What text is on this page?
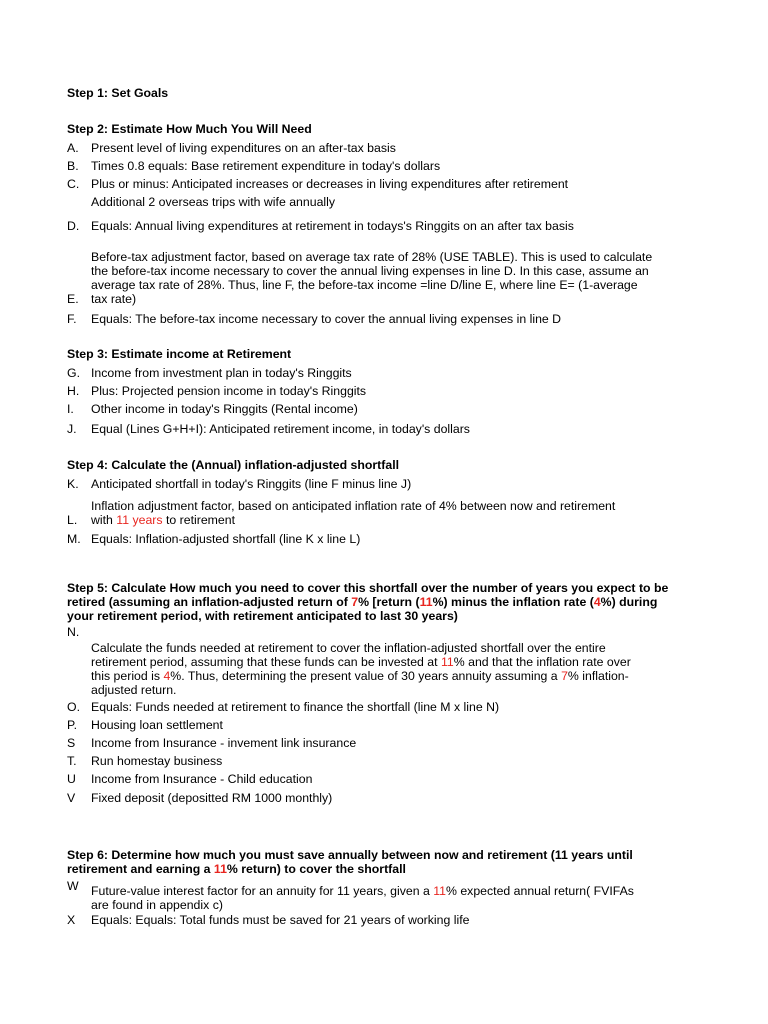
Step 1: Set Goals
Step 2: Estimate How Much You Will Need
A. Present level of living expenditures on an after-tax basis
B. Times 0.8 equals: Base retirement expenditure in today's dollars
C. Plus or minus: Anticipated increases or decreases in living expenditures after retirement
Additional 2 overseas trips with wife annually
D. Equals: Annual living expenditures at retirement in todays's Ringgits on an after tax basis
Before-tax adjustment factor, based on average tax rate of 28% (USE TABLE). This is used to calculate
the before-tax income necessary to cover the annual living expenses in line D. In this case, assume an
average tax rate of 28%. Thus, line F, the before-tax income =line D/line E, where line E= (1-average
E. tax rate)
F. Equals: The before-tax income necessary to cover the annual living expenses in line D
Step 3: Estimate income at Retirement
G. Income from investment plan in today's Ringgits
H. Plus: Projected pension income in today's Ringgits
I. Other income in today's Ringgits (Rental income)
J. Equal (Lines G+H+I): Anticipated retirement income, in today's dollars
Step 4: Calculate the (Annual) inflation-adjusted shortfall
K. Anticipated shortfall in today's Ringgits (line F minus line J)
Inflation adjustment factor, based on anticipated inflation rate of 4% between now and retirement
L. with 11 years to retirement
M. Equals: Inflation-adjusted shortfall (line K x line L)
Step 5: Calculate How much you need to cover this shortfall over the number of years you expect to be
retired (assuming an inflation-adjusted return of 7% [return (11%) minus the inflation rate (4%) during
your retirement period, with retirement anticipated to last 30 years)
N.
Calculate the funds needed at retirement to cover the inflation-adjusted shortfall over the entire
retirement period, assuming that these funds can be invested at 11% and that the inflation rate over
this period is 4%. Thus, determining the present value of 30 years annuity assuming a 7% inflation-
adjusted return.
O. Equals: Funds needed at retirement to finance the shortfall (line M x line N)
P. Housing loan settlement
S Income from Insurance - invement link insurance
T. Run homestay business
U Income from Insurance - Child education
V Fixed deposit (depositted RM 1000 monthly)
Step 6: Determine how much you must save annually between now and retirement (11 years until
retirement and earning a 11% return) to cover the shortfall
W Future-value interest factor for an annuity for 11 years, given a 11% expected annual return( FVIFAs
are found in appendix c)
X Equals: Equals: Total funds must be saved for 21 years of working life
